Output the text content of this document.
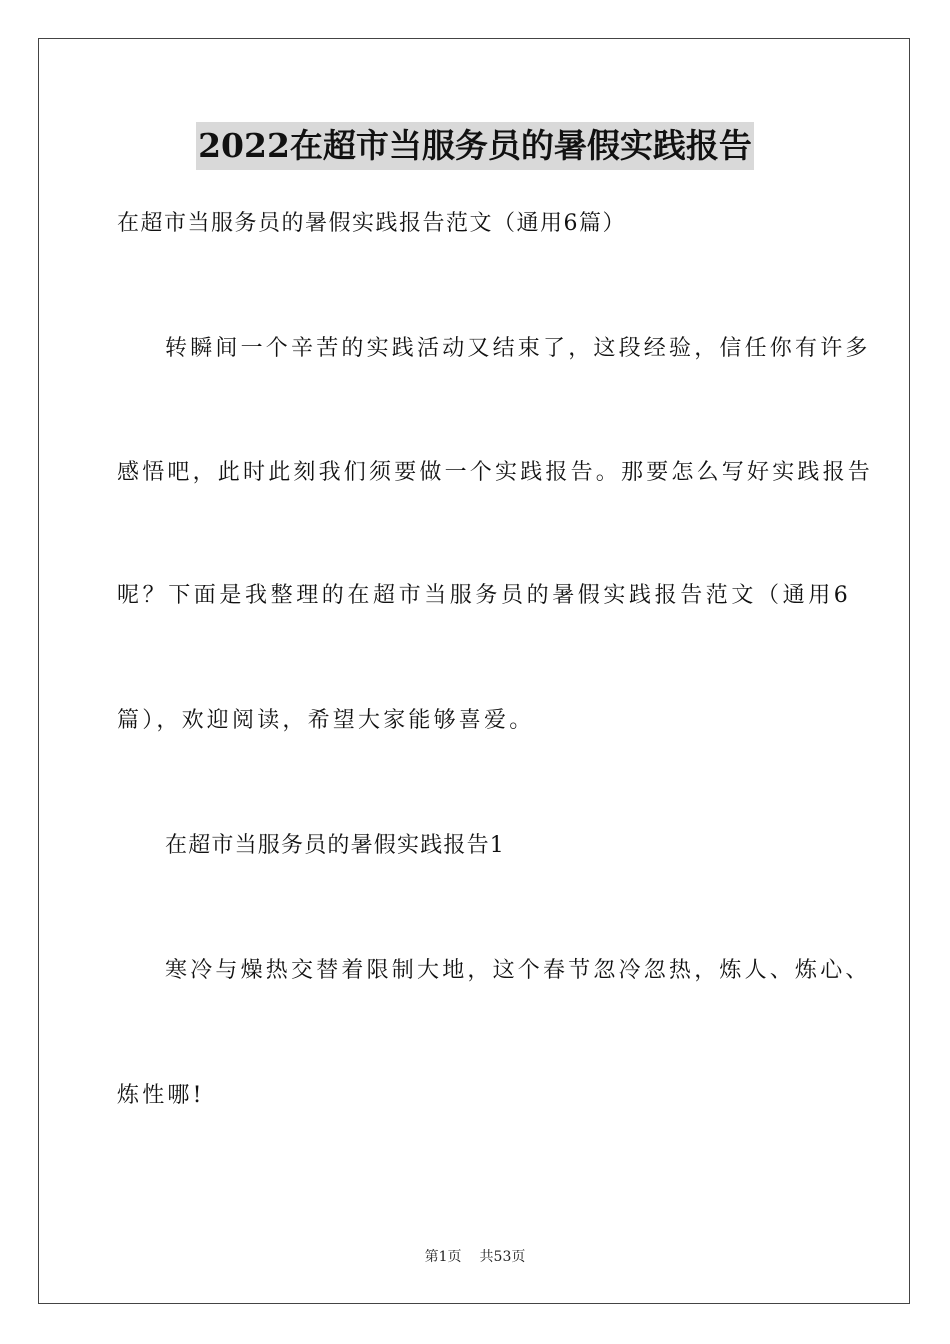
2022在超市当服务员的暑假实践报告
在超市当服务员的暑假实践报告范文（通用6篇）
转瞬间一个辛苦的实践活动又结束了，这段经验，信任你有许多
感悟吧，此时此刻我们须要做一个实践报告。那要怎么写好实践报告
呢？下面是我整理的在超市当服务员的暑假实践报告范文（通用6
篇），欢迎阅读，希望大家能够喜爱。
在超市当服务员的暑假实践报告1
寒冷与燥热交替着限制大地，这个春节忽冷忽热，炼人、炼心、
炼性哪!
第1页 共53页
